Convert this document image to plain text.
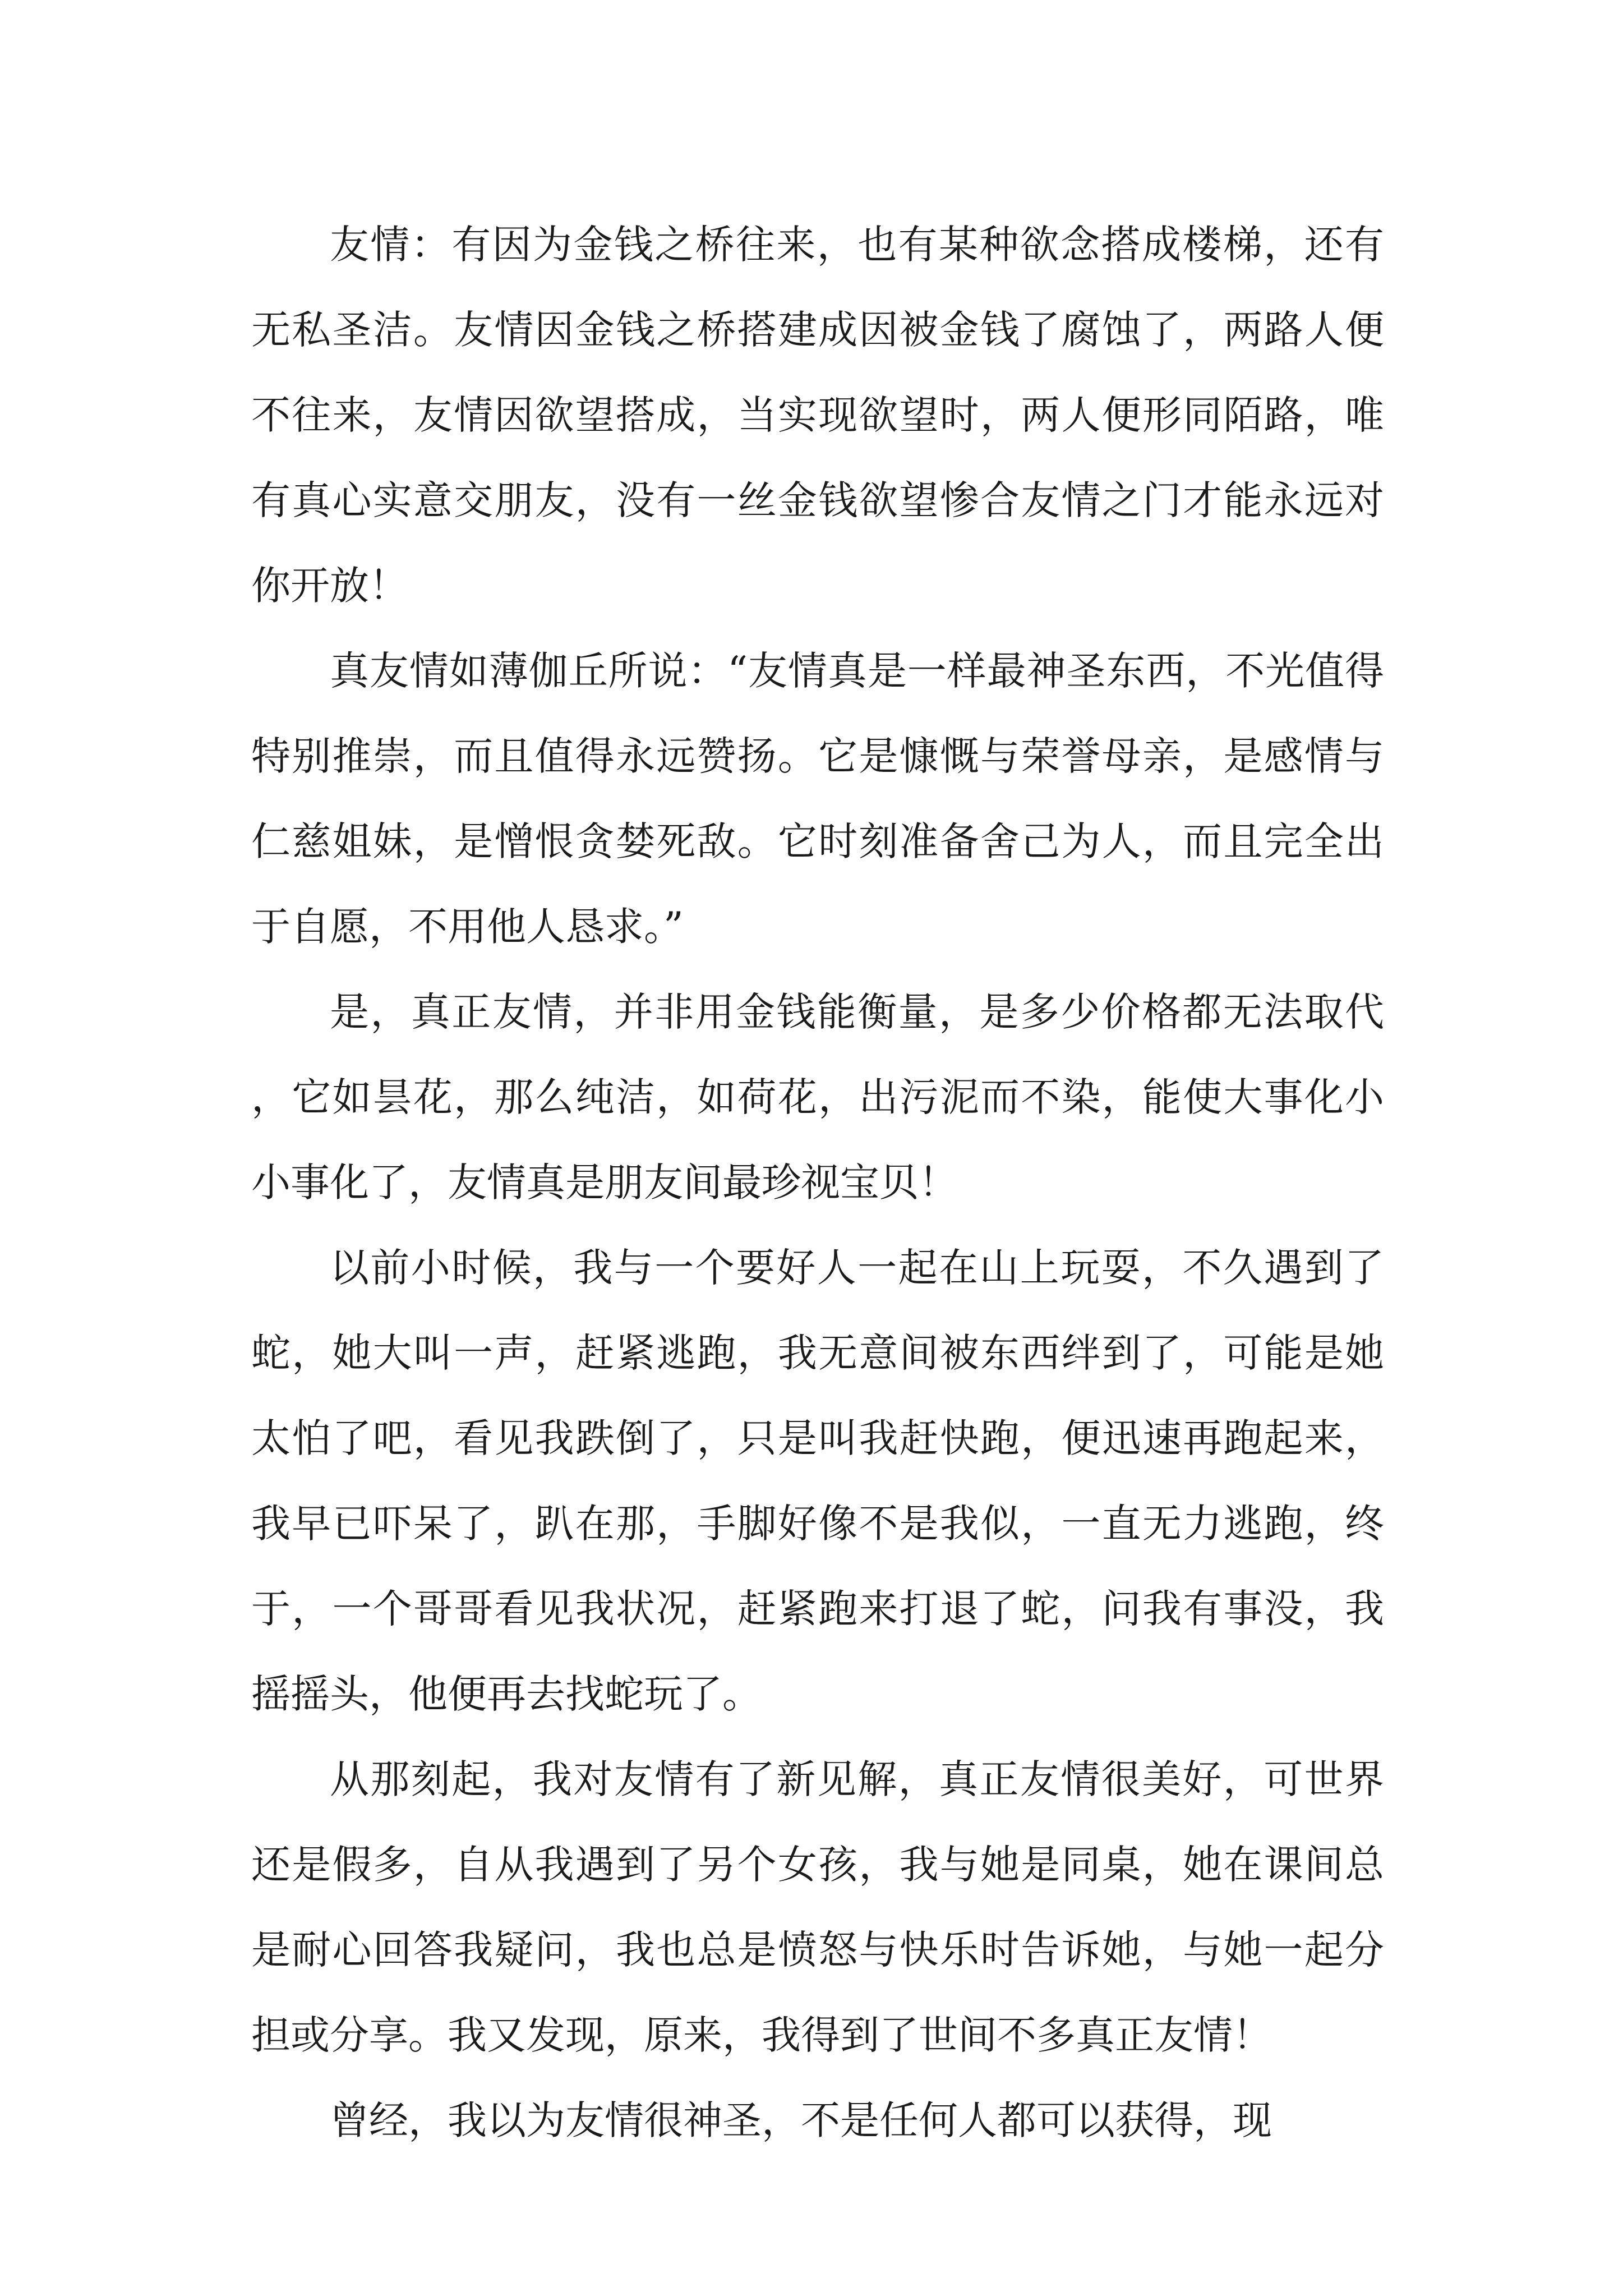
友情：有因为金钱之桥往来，也有某种欲念搭成楼梯，还有无私圣洁。友情因金钱之桥搭建成因被金钱了腐蚀了，两路人便不往来，友情因欲望搭成，当实现欲望时，两人便形同陌路，唯有真心实意交朋友，没有一丝金钱欲望惨合友情之门才能永远对你开放！

真友情如薄伽丘所说：“友情真是一样最神圣东西，不光值得特别推崇，而且值得永远赞扬。它是慷慨与荣誉母亲，是感情与仁慈姐妹，是憎恨贪婪死敌。它时刻准备舍己为人，而且完全出于自愿，不用他人恳求。”

是，真正友情，并非用金钱能衡量，是多少价格都无法取代，它如昙花，那么纯洁，如荷花，出污泥而不染，能使大事化小小事化了，友情真是朋友间最珍视宝贝！

以前小时候，我与一个要好人一起在山上玩耍，不久遇到了蛇，她大叫一声，赶紧逃跑，我无意间被东西绊到了，可能是她太怕了吧，看见我跌倒了，只是叫我赶快跑，便迅速再跑起来，我早已吓呆了，趴在那，手脚好像不是我似，一直无力逃跑，终于，一个哥哥看见我状况，赶紧跑来打退了蛇，问我有事没，我摇摇头，他便再去找蛇玩了。

从那刻起，我对友情有了新见解，真正友情很美好，可世界还是假多，自从我遇到了另个女孩，我与她是同桌，她在课间总是耐心回答我疑问，我也总是愤怒与快乐时告诉她，与她一起分担或分享。我又发现，原来，我得到了世间不多真正友情！

曾经，我以为友情很神圣，不是任何人都可以获得，现
